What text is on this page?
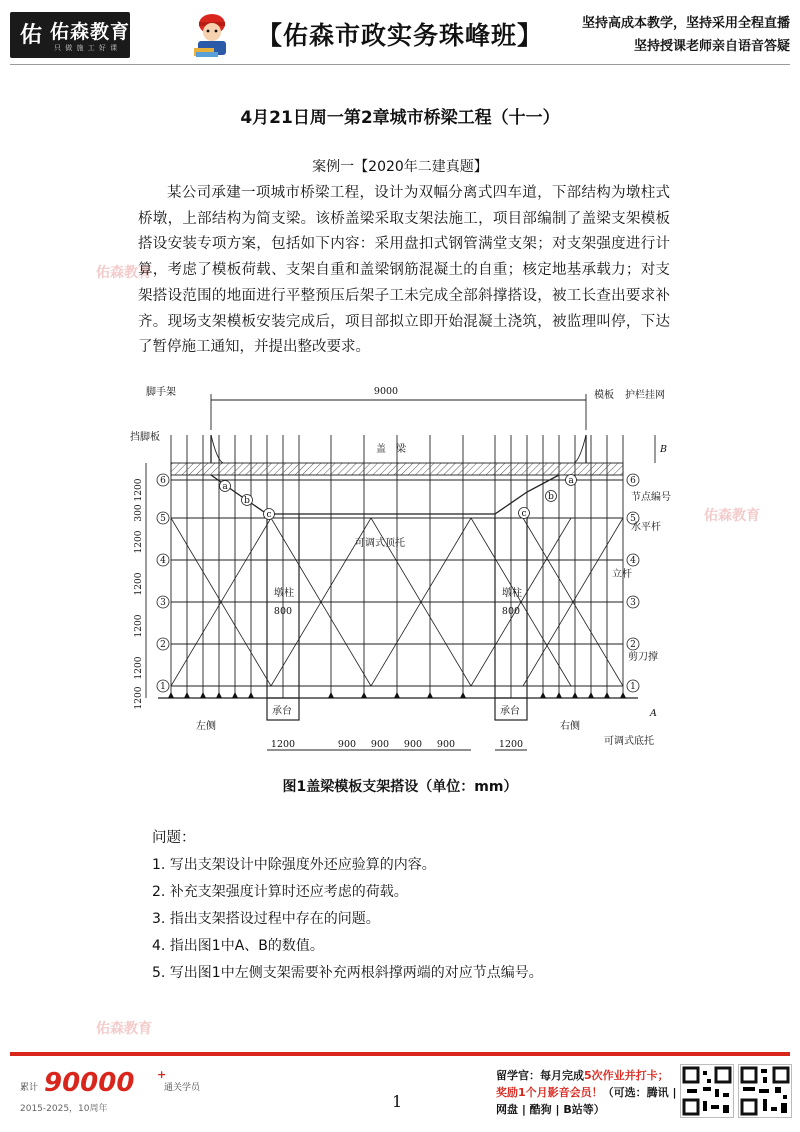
佑 佑森教育
只 做 施 工 好 课	【佑森市政实务珠峰班】	坚持高成本教学，坚持采用全程直播
坚持授课老师亲自语音答疑
佑森教育
佑森教育
佑森教育
4月21日周一第2章城市桥梁工程（十一）
案例一【2020年二建真题】
某公司承建一项城市桥梁工程，设计为双幅分离式四车道，下部结构为墩柱式桥墩，上部结构为简支梁。该桥盖梁采取支架法施工，项目部编制了盖梁支架模板搭设安装专项方案，包括如下内容：采用盘扣式钢管满堂支架；对支架强度进行计算，考虑了模板荷载、支架自重和盖梁钢筋混凝土的自重；核定地基承载力；对支架搭设范围的地面进行平整预压后架子工未完成全部斜撑搭设，被工长查出要求补齐。现场支架模板安装完成后，项目部拟立即开始混凝土浇筑，被监理叫停，下达了暂停施工通知，并提出整改要求。
6
5
4
3
2
1
6
5
4
3
2
1
a
b
c
a
b
c
9000
800	800
1200
300
1200
1200
1200
1200
1200
1200	900 900 900 900	1200
B
A
脚手架
挡脚板
模板 护栏挂网
盖　梁
节点编号
水平杆
可调式顶托
立杆
墩柱	墩柱
剪刀撑
承台	承台
左侧	右侧
可调式底托
图1盖梁模板支架搭设（单位：mm）
问题：
1. 写出支架设计中除强度外还应验算的内容。
2. 补充支架强度计算时还应考虑的荷载。
3. 指出支架搭设过程中存在的问题。
4. 指出图1中A、B的数值。
5. 写出图1中左侧支架需要补充两根斜撑两端的对应节点编号。
累计 90000 +
通关学员
2015-2025，10周年	1
留学官：每月完成5次作业并打卡；
奖励1个月影音会员！（可选：腾讯 |
网盘 | 酷狗 | B站等）
